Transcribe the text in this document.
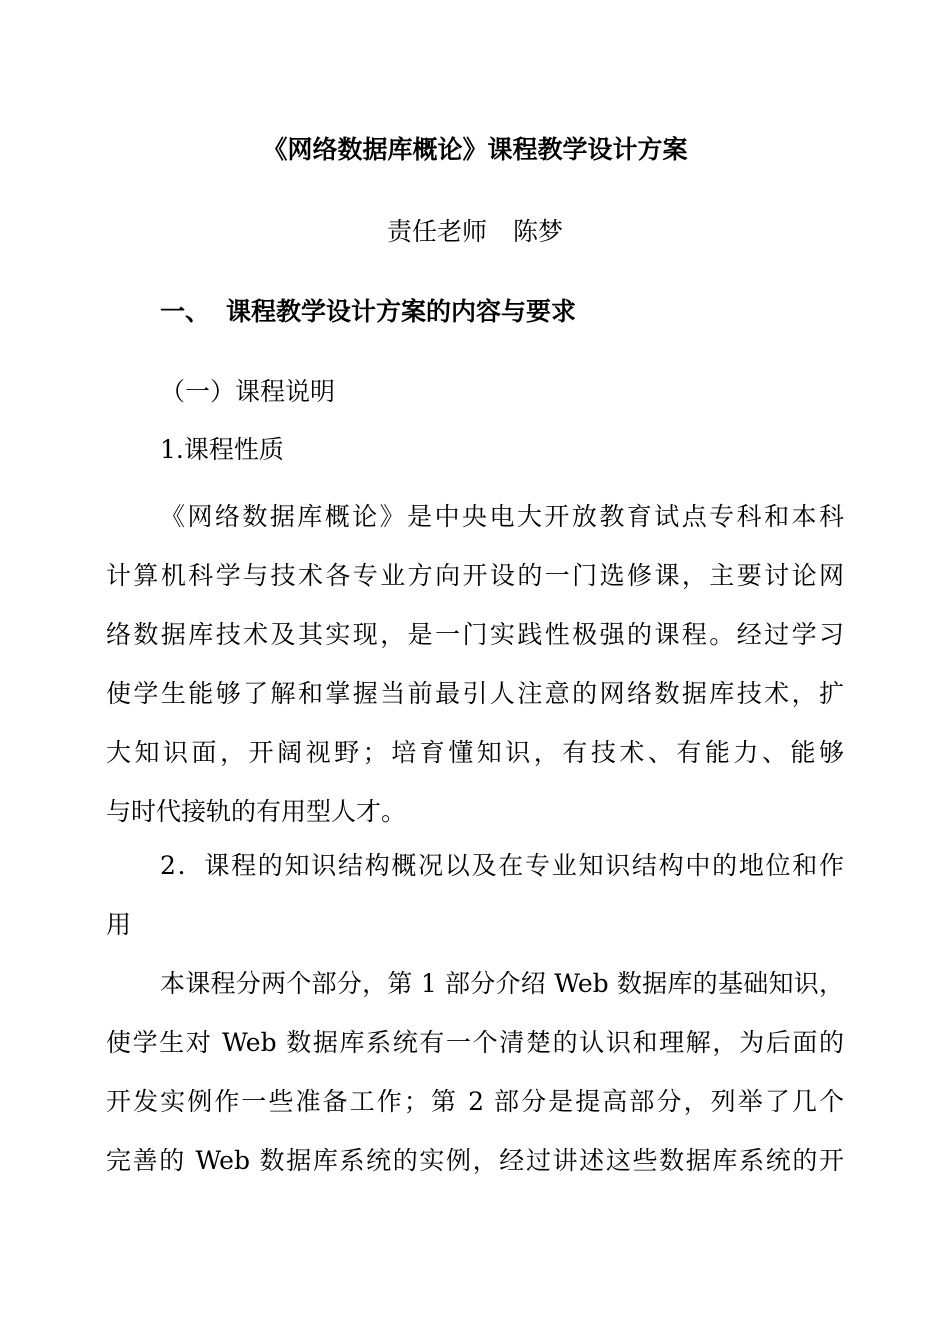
《网络数据库概论》课程教学设计方案
责任老师 陈梦
一、 课程教学设计方案的内容与要求
（一）课程说明
1.课程性质
《网络数据库概论》是中央电大开放教育试点专科和本科
计算机科学与技术各专业方向开设的一门选修课，主要讨论网
络数据库技术及其实现，是一门实践性极强的课程。经过学习
使学生能够了解和掌握当前最引人注意的网络数据库技术，扩
大知识面，开阔视野；培育懂知识，有技术、有能力、能够
与时代接轨的有用型人才。
2．课程的知识结构概况以及在专业知识结构中的地位和作
用
本课程分两个部分，第 1 部分介绍 Web 数据库的基础知识，
使学生对 Web 数据库系统有一个清楚的认识和理解，为后面的
开发实例作一些准备工作；第 2 部分是提高部分，列举了几个
完善的 Web 数据库系统的实例，经过讲述这些数据库系统的开
